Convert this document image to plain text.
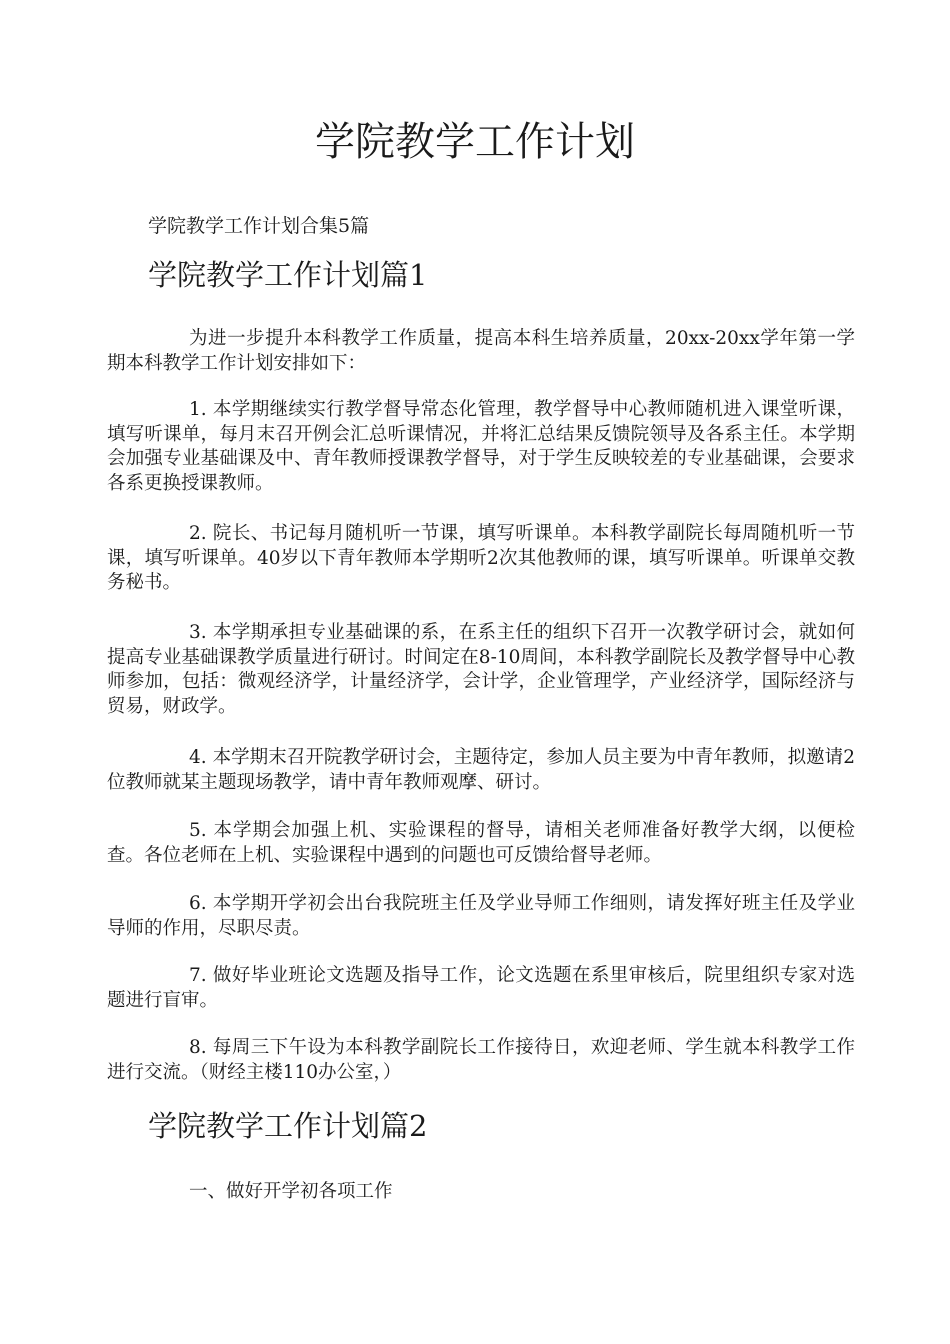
学院教学工作计划

学院教学工作计划合集5篇

学院教学工作计划篇1

为进一步提升本科教学工作质量，提高本科生培养质量，20xx-20xx学年第一学期本科教学工作计划安排如下：

1. 本学期继续实行教学督导常态化管理，教学督导中心教师随机进入课堂听课，填写听课单，每月末召开例会汇总听课情况，并将汇总结果反馈院领导及各系主任。本学期会加强专业基础课及中、青年教师授课教学督导，对于学生反映较差的专业基础课，会要求各系更换授课教师。

2. 院长、书记每月随机听一节课，填写听课单。本科教学副院长每周随机听一节课，填写听课单。40岁以下青年教师本学期听2次其他教师的课，填写听课单。听课单交教务秘书。

3. 本学期承担专业基础课的系，在系主任的组织下召开一次教学研讨会，就如何提高专业基础课教学质量进行研讨。时间定在8-10周间，本科教学副院长及教学督导中心教师参加，包括：微观经济学，计量经济学，会计学，企业管理学，产业经济学，国际经济与贸易，财政学。

4. 本学期末召开院教学研讨会，主题待定，参加人员主要为中青年教师，拟邀请2位教师就某主题现场教学，请中青年教师观摩、研讨。

5. 本学期会加强上机、实验课程的督导，请相关老师准备好教学大纲，以便检查。各位老师在上机、实验课程中遇到的问题也可反馈给督导老师。

6. 本学期开学初会出台我院班主任及学业导师工作细则，请发挥好班主任及学业导师的作用，尽职尽责。

7. 做好毕业班论文选题及指导工作，论文选题在系里审核后，院里组织专家对选题进行盲审。

8. 每周三下午设为本科教学副院长工作接待日，欢迎老师、学生就本科教学工作进行交流。（财经主楼110办公室，）

学院教学工作计划篇2

一、做好开学初各项工作
